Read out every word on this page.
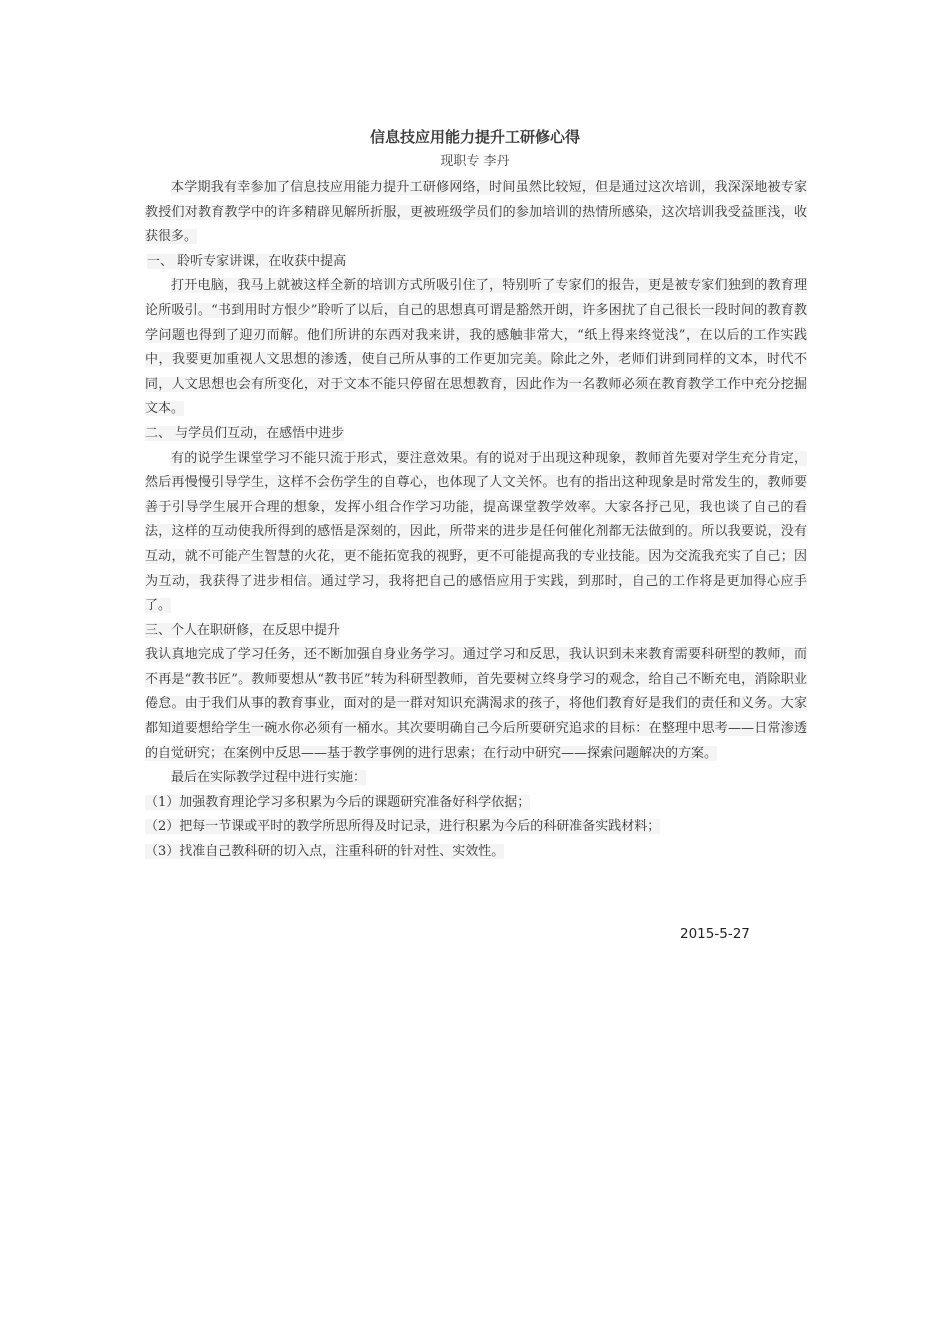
信息技应用能力提升工研修心得
现职专 李丹

本学期我有幸参加了信息技应用能力提升工研修网络，时间虽然比较短，但是通过这次培训，我深深地被专家教授们对教育教学中的许多精辟见解所折服，更被班级学员们的参加培训的热情所感染，这次培训我受益匪浅，收获很多。

一、 聆听专家讲课，在收获中提高

打开电脑，我马上就被这样全新的培训方式所吸引住了，特别听了专家们的报告，更是被专家们独到的教育理论所吸引。“书到用时方恨少”聆听了以后，自己的思想真可谓是豁然开朗，许多困扰了自己很长一段时间的教育教学问题也得到了迎刃而解。他们所讲的东西对我来讲，我的感触非常大，“纸上得来终觉浅”，在以后的工作实践中，我要更加重视人文思想的渗透，使自己所从事的工作更加完美。除此之外，老师们讲到同样的文本，时代不同，人文思想也会有所变化，对于文本不能只停留在思想教育，因此作为一名教师必须在教育教学工作中充分挖掘文本。

二、 与学员们互动，在感悟中进步

有的说学生课堂学习不能只流于形式，要注意效果。有的说对于出现这种现象，教师首先要对学生充分肯定，然后再慢慢引导学生，这样不会伤学生的自尊心，也体现了人文关怀。也有的指出这种现象是时常发生的，教师要善于引导学生展开合理的想象，发挥小组合作学习功能，提高课堂教学效率。大家各抒己见，我也谈了自己的看法，这样的互动使我所得到的感悟是深刻的，因此，所带来的进步是任何催化剂都无法做到的。所以我要说，没有互动，就不可能产生智慧的火花，更不能拓宽我的视野，更不可能提高我的专业技能。因为交流我充实了自己；因为互动，我获得了进步相信。通过学习，我将把自己的感悟应用于实践，到那时，自己的工作将是更加得心应手了。

三、个人在职研修，在反思中提升

我认真地完成了学习任务，还不断加强自身业务学习。通过学习和反思，我认识到未来教育需要科研型的教师，而不再是“教书匠”。教师要想从“教书匠”转为科研型教师，首先要树立终身学习的观念，给自己不断充电，消除职业倦怠。由于我们从事的教育事业，面对的是一群对知识充满渴求的孩子，将他们教育好是我们的责任和义务。大家都知道要想给学生一碗水你必须有一桶水。其次要明确自己今后所要研究追求的目标：在整理中思考——日常渗透的自觉研究；在案例中反思——基于教学事例的进行思索；在行动中研究——探索问题解决的方案。

最后在实际教学过程中进行实施：

（1）加强教育理论学习多积累为今后的课题研究准备好科学依据；

（2）把每一节课或平时的教学所思所得及时记录，进行积累为今后的科研准备实践材料；

（3）找准自己教科研的切入点，注重科研的针对性、实效性。

2015-5-27
